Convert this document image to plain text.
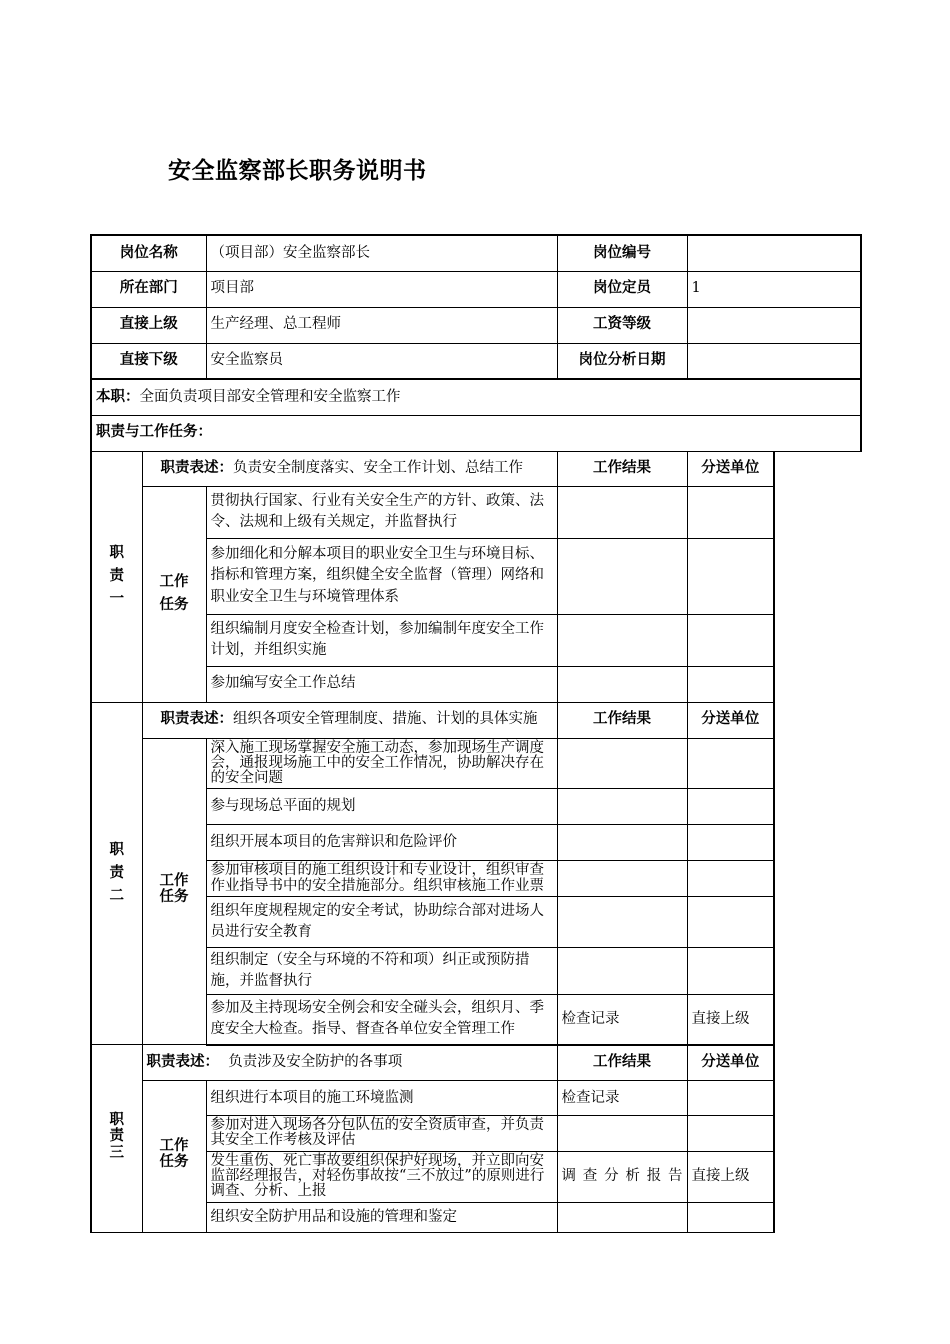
安全监察部长职务说明书
岗位名称		（项目部）安全监察部长	岗位编号	
所在部门		项目部	岗位定员	1
直接上级		生产经理、总工程师	工资等级	
直接下级		安全监察员	岗位分析日期	
本职：全面负责项目部安全管理和安全监察工作				
职责与工作任务：				
职责一	职责表述：负责安全制度落实、安全工作计划、总结工作		工作结果	分送单位
	工作任务	贯彻执行国家、行业有关安全生产的方针、政策、法令、法规和上级有关规定，并监督执行		
		参加细化和分解本项目的职业安全卫生与环境目标、指标和管理方案，组织健全安全监督（管理）网络和职业安全卫生与环境管理体系		
		组织编制月度安全检查计划，参加编制年度安全工作计划，并组织实施		
		参加编写安全工作总结		
职责二	职责表述：组织各项安全管理制度、措施、计划的具体实施		工作结果	分送单位
	工作任务	深入施工现场掌握安全施工动态，参加现场生产调度会，通报现场施工中的安全工作情况，协助解决存在的安全问题		
		参与现场总平面的规划		
		组织开展本项目的危害辩识和危险评价		
		参加审核项目的施工组织设计和专业设计，组织审查作业指导书中的安全措施部分。组织审核施工作业票		
		组织年度规程规定的安全考试，协助综合部对进场人员进行安全教育		
		组织制定（安全与环境的不符和项）纠正或预防措施，并监督执行		
		参加及主持现场安全例会和安全碰头会，组织月、季度安全大检查。指导、督查各单位安全管理工作	检查记录	直接上级
职责三	职责表述： 负责涉及安全防护的各事项		工作结果	分送单位
	工作任务	组织进行本项目的施工环境监测	检查记录	
		参加对进入现场各分包队伍的安全资质审查，并负责其安全工作考核及评估		
		发生重伤、死亡事故要组织保护好现场，并立即向安监部经理报告，对轻伤事故按“三不放过”的原则进行调查、分析、上报	调查分析报告	直接上级
		组织安全防护用品和设施的管理和鉴定		
